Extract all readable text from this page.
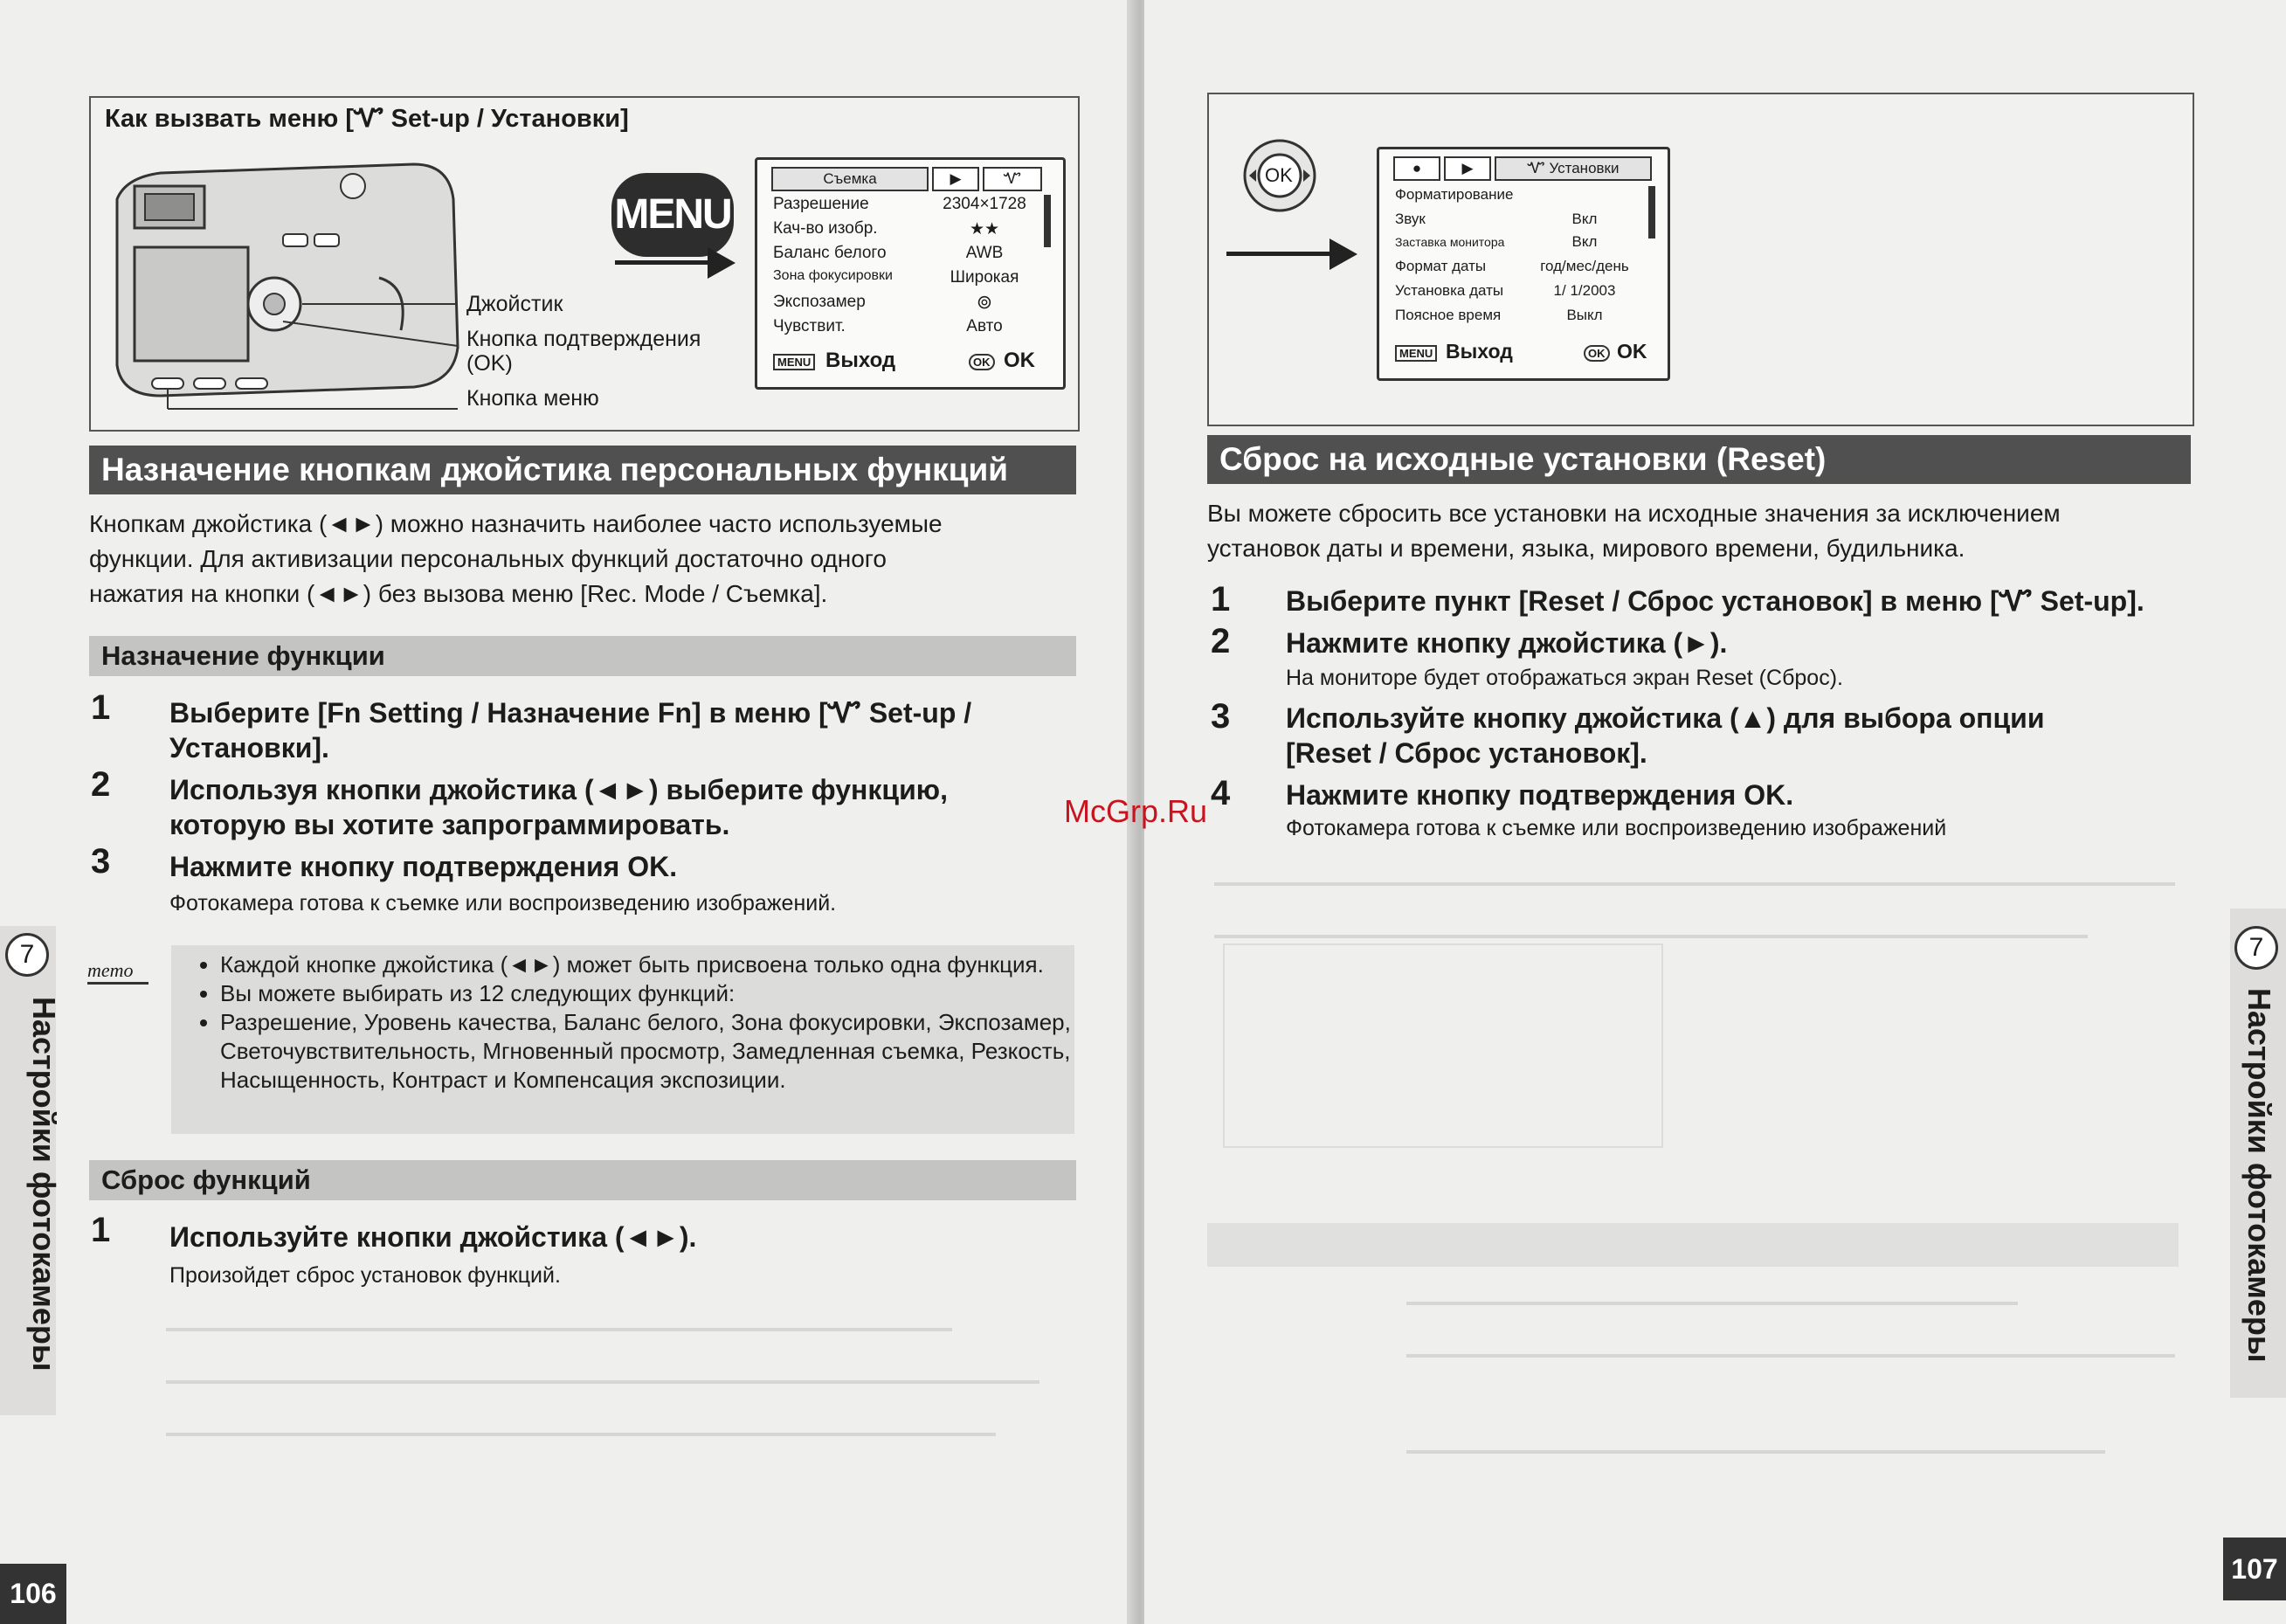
Как вызвать меню [Ꮙ Set-up / Установки]
Джойстик
Кнопка подтверждения
(OK)
Кнопка меню
MENU
Съемка	▶	Ꮙ
Разрешение	2304×1728
Кач-во изобр.	★★
Баланс белого	AWB
Зона фокусировки	Широкая
Экспозамер	⊚
Чувствит.	Авто
MENU Выход	OK OK
Назначение кнопкам джойстика персональных функций
Кнопкам джойстика (◄►) можно назначить наиболее часто используемые
функции. Для активизации персональных функций достаточно одного
нажатия на кнопки (◄►) без вызова меню [Rec. Mode / Съемка].
Назначение функции
1 Выберите [Fn Setting / Назначение Fn] в меню [Ꮙ Set-up /
Установки].
2 Используя кнопки джойстика (◄►) выберите функцию,
которую вы хотите запрограммировать.
3 Нажмите кнопку подтверждения OK.
Фотокамера готова к съемке или воспроизведению изображений.
memo
•	Каждой кнопке джойстика (◄►) может быть присвоена только одна функция.
• Вы можете выбирать из 12 следующих функций:
• Разрешение, Уровень качества, Баланс белого, Зона фокусировки, Экспозамер, Светочувствительность, Мгновенный просмотр, Замедленная съемка, Резкость, Насыщенность, Контраст и Компенсация экспозиции.
Сброс функций
1 Используйте кнопки джойстика (◄►).
Произойдет сброс установок функций.
7
Настройки фотокамеры
106
OK	●	▶	Ꮙ Установки
Форматирование
Звук	Вкл
Заставка монитора	Вкл
Формат даты	год/мес/день
Установка даты	1/ 1/2003
Поясное время	Выкл
MENU Выход	OK OK
Сброс на исходные установки (Reset)
Вы можете сбросить все установки на исходные значения за исключением
установок даты и времени, языка, мирового времени, будильника.
1 Выберите пункт [Reset / Сброс установок] в меню [Ꮙ Set-up].
2 Нажмите кнопку джойстика (►).
На мониторе будет отображаться экран Reset (Сброс).
3 Используйте кнопку джойстика (▲) для выбора опции
[Reset / Сброс установок].
4 Нажмите кнопку подтверждения OK.
Фотокамера готова к съемке или воспроизведению изображений
7
Настройки фотокамеры
107
McGrp.Ru
